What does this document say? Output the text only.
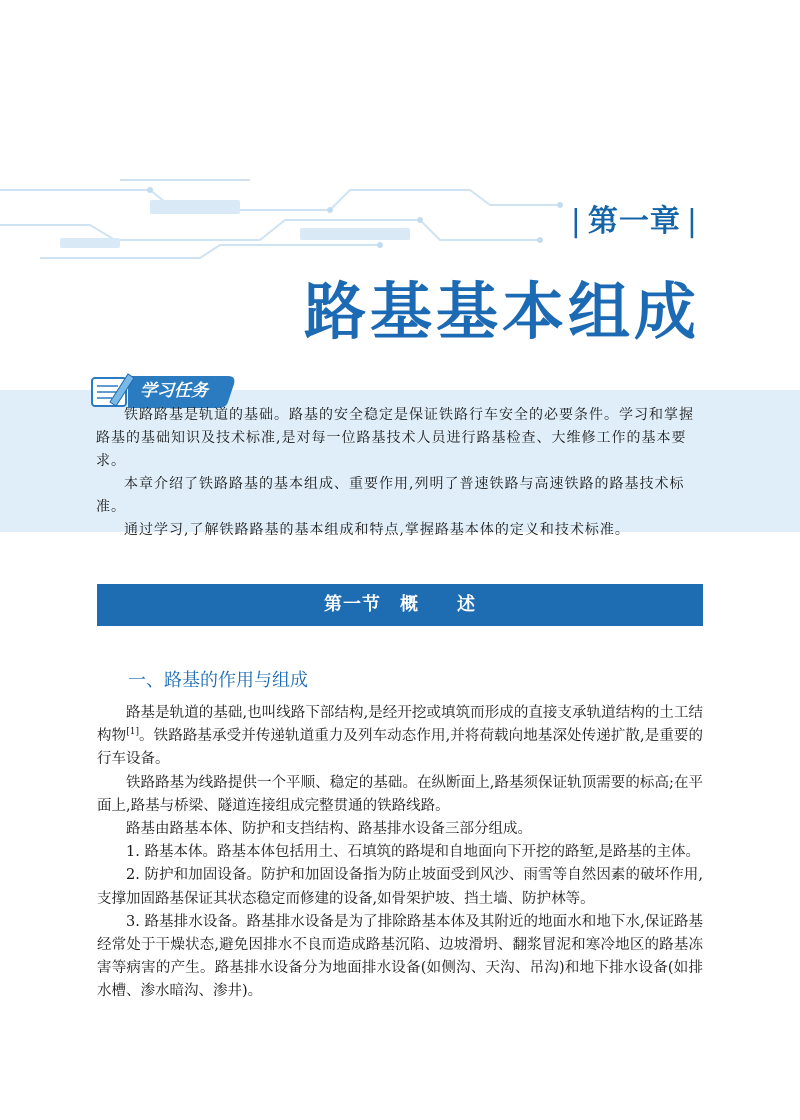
| 第一章 |
路基基本组成
学习任务

铁路路基是轨道的基础。路基的安全稳定是保证铁路行车安全的必要条件。学习和掌握路基的基础知识及技术标准,是对每一位路基技术人员进行路基检查、大维修工作的基本要求。

本章介绍了铁路路基的基本组成、重要作用,列明了普速铁路与高速铁路的路基技术标准。

通过学习,了解铁路路基的基本组成和特点,掌握路基本体的定义和技术标准。

第一节　概　　述
一、路基的作用与组成

路基是轨道的基础,也叫线路下部结构,是经开挖或填筑而形成的直接支承轨道结构的土工结构物[1]。铁路路基承受并传递轨道重力及列车动态作用,并将荷载向地基深处传递扩散,是重要的行车设备。

铁路路基为线路提供一个平顺、稳定的基础。在纵断面上,路基须保证轨顶需要的标高;在平面上,路基与桥梁、隧道连接组成完整贯通的铁路线路。

路基由路基本体、防护和支挡结构、路基排水设备三部分组成。

1. 路基本体。路基本体包括用土、石填筑的路堤和自地面向下开挖的路堑,是路基的主体。

2. 防护和加固设备。防护和加固设备指为防止坡面受到风沙、雨雪等自然因素的破坏作用,支撑加固路基保证其状态稳定而修建的设备,如骨架护坡、挡土墙、防护林等。

3. 路基排水设备。路基排水设备是为了排除路基本体及其附近的地面水和地下水,保证路基经常处于干燥状态,避免因排水不良而造成路基沉陷、边坡滑坍、翻浆冒泥和寒冷地区的路基冻害等病害的产生。路基排水设备分为地面排水设备(如侧沟、天沟、吊沟)和地下排水设备(如排水槽、渗水暗沟、渗井)。
